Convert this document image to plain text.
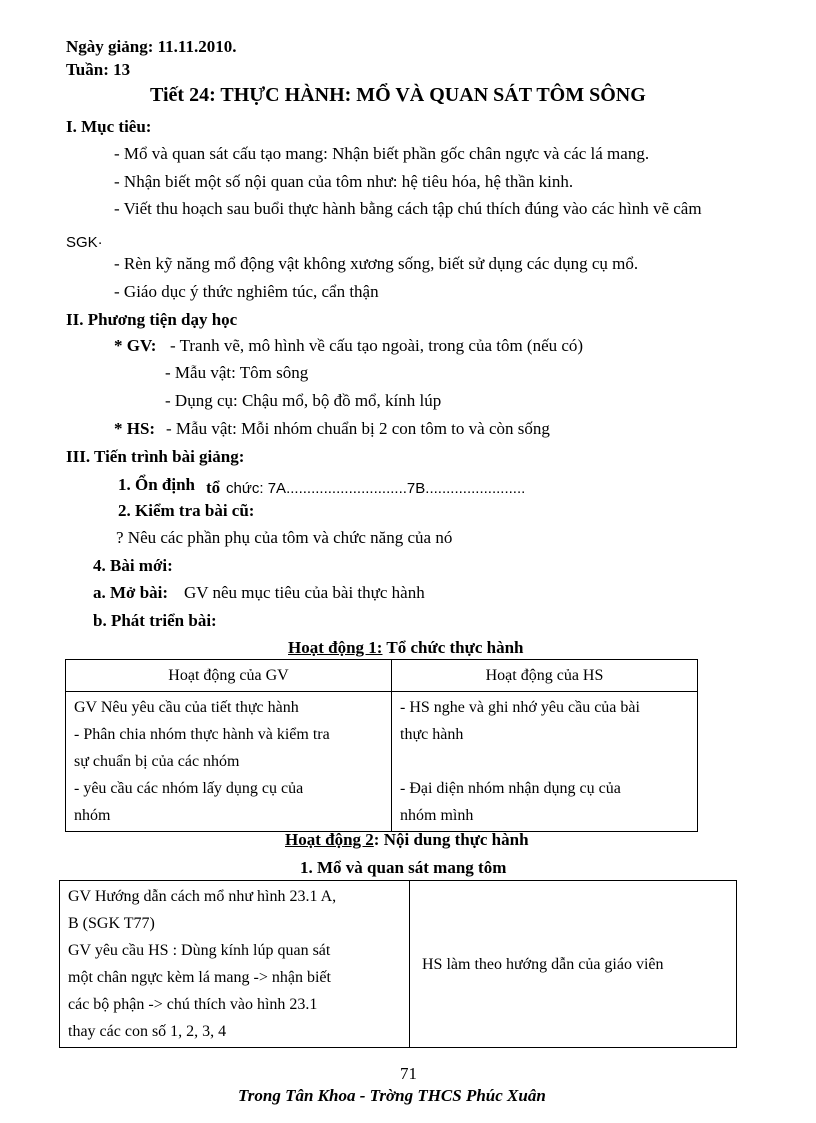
Ngày giảng: 11.11.2010.
Tuần: 13
Tiết 24: THỰC HÀNH: MỔ VÀ QUAN SÁT TÔM SÔNG
I. Mục tiêu:
- Mổ và quan sát cấu tạo mang: Nhận biết phần gốc chân ngực và các lá mang.
- Nhận biết một số nội quan của tôm như: hệ tiêu hóa, hệ thần kinh.
- Viết thu hoạch sau buổi thực hành bằng cách tập chú thích đúng vào các hình vẽ câm
SGK·
- Rèn kỹ năng mổ động vật không xương sống, biết sử dụng các dụng cụ mổ.
- Giáo dục ý thức nghiêm túc, cẩn thận
II. Phương tiện dạy học
* GV: - Tranh vẽ, mô hình về cấu tạo ngoài, trong của tôm (nếu có)
- Mẫu vật: Tôm sông
- Dụng cụ: Chậu mổ, bộ đồ mổ, kính lúp
* HS: - Mẫu vật: Mỗi nhóm chuẩn bị 2 con tôm to và còn sống
III. Tiến trình bài giảng:
1. Ổn định tổ chức: 7A.............................7B........................
2. Kiểm tra bài cũ:
? Nêu các phần phụ của tôm và chức năng của nó
4. Bài mới:
a. Mở bài: GV nêu mục tiêu của bài thực hành
b. Phát triển bài:
Hoạt động 1: Tổ chức thực hành
Hoạt động của GV	Hoạt động của HS

GV Nêu yêu cầu của tiết thực hành
- Phân chia nhóm thực hành và kiểm tra
sự chuẩn bị của các nhóm
- yêu cầu các nhóm lấy dụng cụ của
nhóm	- HS nghe và ghi nhớ yêu cầu của bài
thực hành
- Đại diện nhóm nhận dụng cụ của
nhóm mình
Hoạt động 2: Nội dung thực hành
1. Mổ và quan sát mang tôm
GV Hướng dẫn cách mổ như hình 23.1 A,
B (SGK T77)
GV yêu cầu HS : Dùng kính lúp quan sát
một chân ngực kèm lá mang -> nhận biết
các bộ phận -> chú thích vào hình 23.1
thay các con số 1, 2, 3, 4
	HS làm theo hướng dẫn của giáo viên
71
Trong Tân Khoa - Trờng THCS Phúc Xuân
